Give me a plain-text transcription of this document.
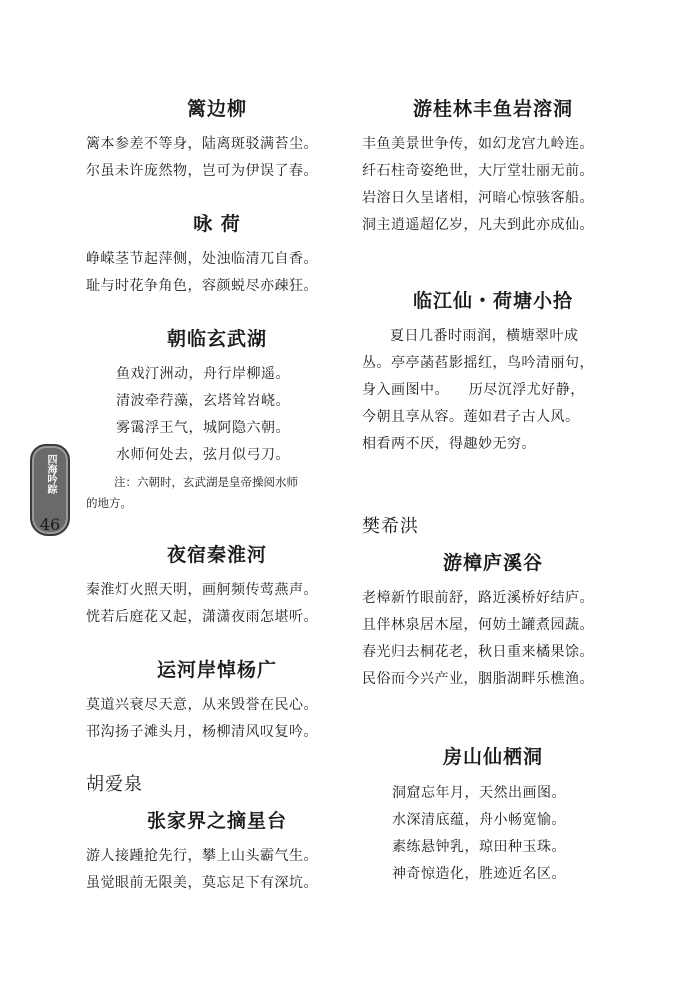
四海吟踪
46
篱边柳
篱本参差不等身，陆离斑驳满苔尘。
尔虽未许庞然物，岂可为伊误了春。
咏 荷
峥嵘茎节起萍侧，处浊临清兀自香。
耻与时花争角色，容颜蜕尽亦疎狂。
朝临玄武湖
鱼戏汀洲动，舟行岸柳遥。
清波牵荇藻，玄塔耸岧峣。
雾霭浮王气，城阿隐六朝。
水师何处去，弦月似弓刀。
注：六朝时，玄武湖是皇帝操阅水师
的地方。
夜宿秦淮河
秦淮灯火照天明，画舸频传莺燕声。
恍若后庭花又起，潇潇夜雨怎堪听。
运河岸悼杨广
莫道兴衰尽天意，从来毁誉在民心。
邗沟扬子滩头月，杨柳清风叹复吟。
胡爱泉
张家界之摘星台
游人接踵抢先行，攀上山头霸气生。
虽觉眼前无限美，莫忘足下有深坑。
游桂林丰鱼岩溶洞
丰鱼美景世争传，如幻龙宫九岭连。
纤石柱奇姿绝世，大厅堂壮丽无前。
岩溶日久呈诸相，河暗心惊骇客船。
洞主逍遥超亿岁，凡夫到此亦成仙。
临江仙・荷塘小拾
夏日几番时雨润，横塘翠叶成
丛。亭亭菡萏影摇红，鸟吟清丽句，
身入画图中。    历尽沉浮尤好静，
今朝且享从容。莲如君子古人风。
相看两不厌，得趣妙无穷。
樊希洪
游樟庐溪谷
老樟新竹眼前舒，路近溪桥好结庐。
且伴林泉居木屋，何妨土罐煮园蔬。
春光归去桐花老，秋日重来橘果馀。
民俗而今兴产业，胭脂湖畔乐樵渔。
房山仙栖洞
洞窟忘年月，天然出画图。
水深清底蕴，舟小畅宽愉。
素练悬钟乳，琼田种玉珠。
神奇惊造化，胜迹近名区。
